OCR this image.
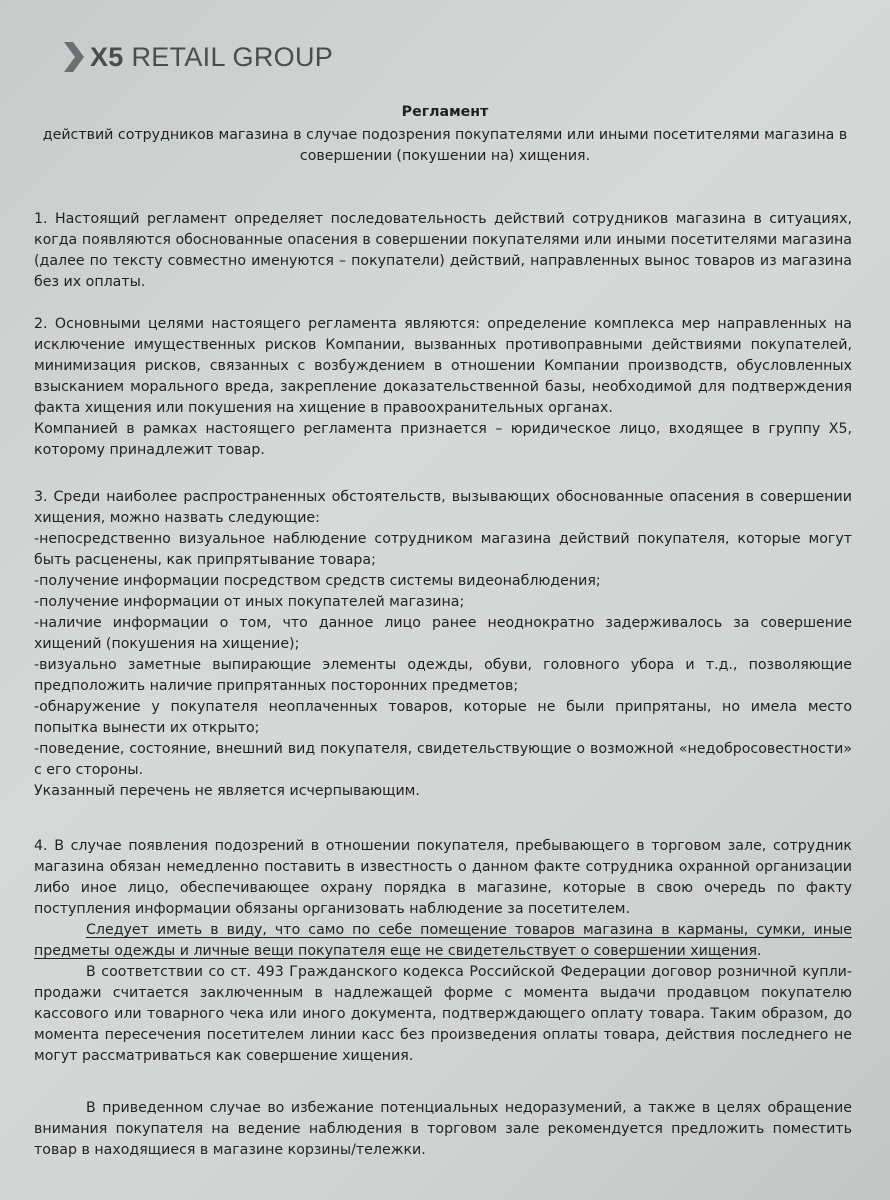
X5 RETAIL GROUP
Регламент
действий сотрудников магазина в случае подозрения покупателями или иными посетителями магазина в совершении (покушении на) хищения.

1. Настоящий регламент определяет последовательность действий сотрудников магазина в ситуациях, когда появляются обоснованные опасения в совершении покупателями или иными посетителями магазина (далее по тексту совместно именуются – покупатели) действий, направленных вынос товаров из магазина без их оплаты.

2. Основными целями настоящего регламента являются: определение комплекса мер направленных на исключение имущественных рисков Компании, вызванных противоправными действиями покупателей, минимизация рисков, связанных с возбуждением в отношении Компании производств, обусловленных взысканием морального вреда, закрепление доказательственной базы, необходимой для подтверждения факта хищения или покушения на хищение в правоохранительных органах.

Компанией в рамках настоящего регламента признается – юридическое лицо, входящее в группу Х5, которому принадлежит товар.

3. Среди наиболее распространенных обстоятельств, вызывающих обоснованные опасения в совершении хищения, можно назвать следующие:

-непосредственно визуальное наблюдение сотрудником магазина действий покупателя, которые могут быть расценены, как припрятывание товара;

-получение информации посредством средств системы видеонаблюдения;

-получение информации от иных покупателей магазина;

-наличие информации о том, что данное лицо ранее неоднократно задерживалось за совершение хищений (покушения на хищение);

-визуально заметные выпирающие элементы одежды, обуви, головного убора и т.д., позволяющие предположить наличие припрятанных посторонних предметов;

-обнаружение у покупателя неоплаченных товаров, которые не были припрятаны, но имела место попытка вынести их открыто;

-поведение, состояние, внешний вид покупателя, свидетельствующие о возможной «недобросовестности» с его стороны.

Указанный перечень не является исчерпывающим.

4. В случае появления подозрений в отношении покупателя, пребывающего в торговом зале, сотрудник магазина обязан немедленно поставить в известность о данном факте сотрудника охранной организации либо иное лицо, обеспечивающее охрану порядка в магазине, которые в свою очередь по факту поступления информации обязаны организовать наблюдение за посетителем.

Следует иметь в виду, что само по себе помещение товаров магазина в карманы, сумки, иные предметы одежды и личные вещи покупателя еще не свидетельствует о совершении хищения.

В соответствии со ст. 493 Гражданского кодекса Российской Федерации договор розничной купли-продажи считается заключенным в надлежащей форме с момента выдачи продавцом покупателю кассового или товарного чека или иного документа, подтверждающего оплату товара. Таким образом, до момента пересечения посетителем линии касс без произведения оплаты товара, действия последнего не могут рассматриваться как совершение хищения.

В приведенном случае во избежание потенциальных недоразумений, а также в целях обращение внимания покупателя на ведение наблюдения в торговом зале рекомендуется предложить поместить товар в находящиеся в магазине корзины/тележки.
